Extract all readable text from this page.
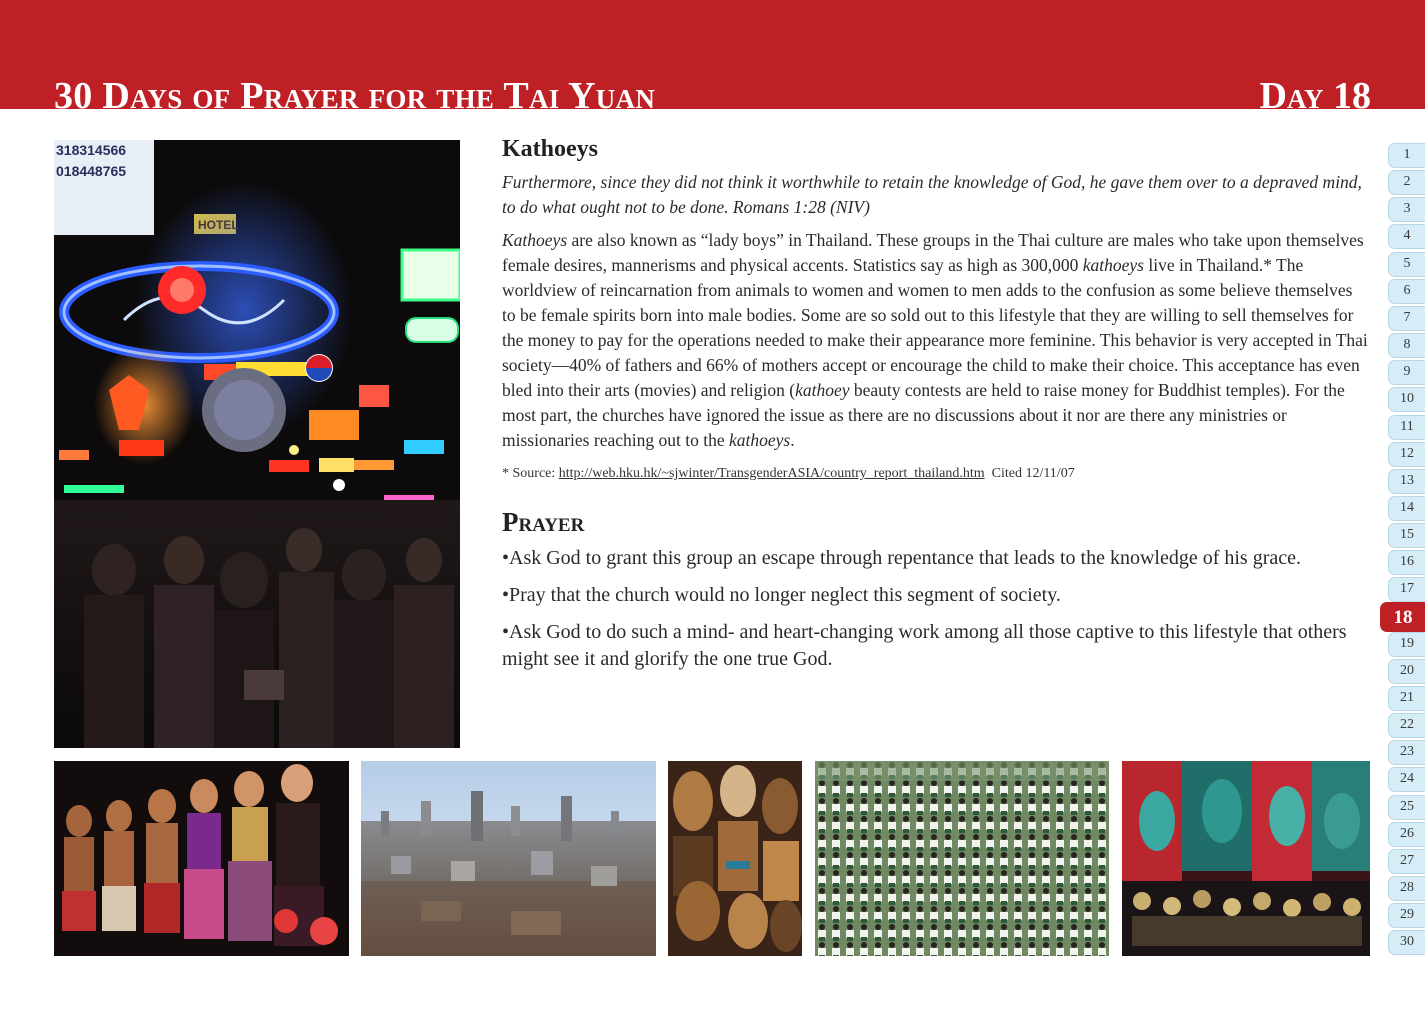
30 Days of Prayer for the Tai Yuan	Day 18
318314566
018448765
Kathoeys
Furthermore, since they did not think it worthwhile to retain the knowledge of God, he gave them over to a depraved mind, to do what ought not to be done. Romans 1:28 (NIV)
Kathoeys are also known as “lady boys” in Thailand. These groups in the Thai culture are males who take upon themselves female desires, mannerisms and physical accents. Statistics say as high as 300,000 kathoeys live in Thailand.* The worldview of reincarnation from animals to women and women to men adds to the confusion as some believe themselves to be female spirits born into male bodies. Some are so sold out to this lifestyle that they are willing to sell themselves for the money to pay for the operations needed to make their appearance more feminine. This behavior is very accepted in Thai society—40% of fathers and 66% of mothers accept or encourage the child to make their choice. This acceptance has even bled into their arts (movies) and religion (kathoey beauty contests are held to raise money for Buddhist temples). For the most part, the churches have ignored the issue as there are no discussions about it nor are there any ministries or missionaries reaching out to the kathoeys.
* Source: http://web.hku.hk/~sjwinter/TransgenderASIA/country_report_thailand.htm  Cited 12/11/07
Prayer
•Ask God to grant this group an escape through repentance that leads to the knowledge of his grace.
•Pray that the church would no longer neglect this segment of society.
•Ask God to do such a mind- and heart-changing work among all those captive to this lifestyle that others might see it and glorify the one true God.
1
2
3
4
5
6
7
8
9
10
11
12
13
14
15
16
17
18
19
20
21
22
23
24
25
26
27
28
29
30
